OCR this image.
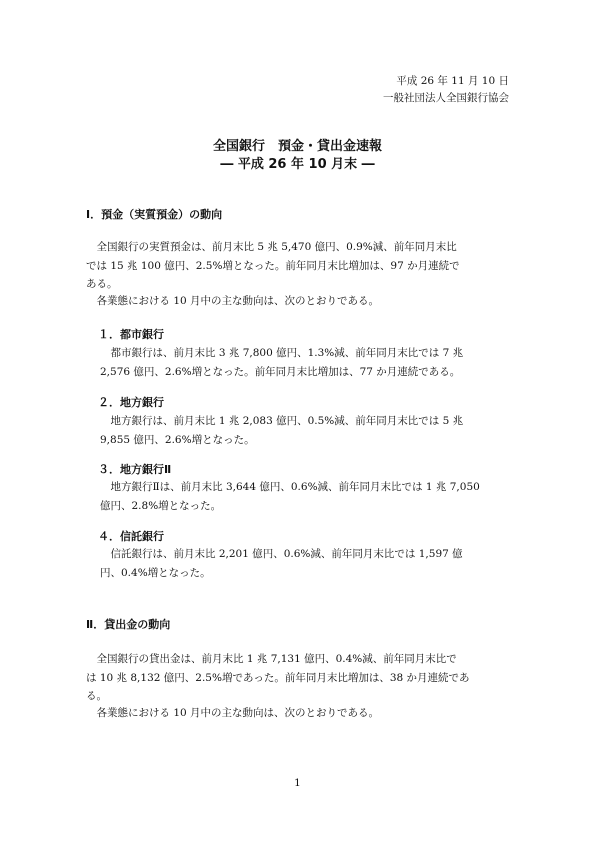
平成 26 年 11 月 10 日
一般社団法人全国銀行協会
全国銀行　預金・貸出金速報
― 平成 26 年 10 月末 ―
Ⅰ．預金（実質預金）の動向
　全国銀行の実質預金は、前月末比 5 兆 5,470 億円、0.9%減、前年同月末比
では 15 兆 100 億円、2.5%増となった。前年同月末比増加は、97 か月連続で
ある。
　各業態における 10 月中の主な動向は、次のとおりである。
１．都市銀行
　都市銀行は、前月末比 3 兆 7,800 億円、1.3%減、前年同月末比では 7 兆
2,576 億円、2.6%増となった。前年同月末比増加は、77 か月連続である。
２．地方銀行
　地方銀行は、前月末比 1 兆 2,083 億円、0.5%減、前年同月末比では 5 兆
9,855 億円、2.6%増となった。
３．地方銀行Ⅱ
　地方銀行Ⅱは、前月末比 3,644 億円、0.6%減、前年同月末比では 1 兆 7,050
億円、2.8%増となった。
４．信託銀行
　信託銀行は、前月末比 2,201 億円、0.6%減、前年同月末比では 1,597 億
円、0.4%増となった。
Ⅱ．貸出金の動向
　全国銀行の貸出金は、前月末比 1 兆 7,131 億円、0.4%減、前年同月末比で
は 10 兆 8,132 億円、2.5%増であった。前年同月末比増加は、38 か月連続であ
る。
　各業態における 10 月中の主な動向は、次のとおりである。
1
